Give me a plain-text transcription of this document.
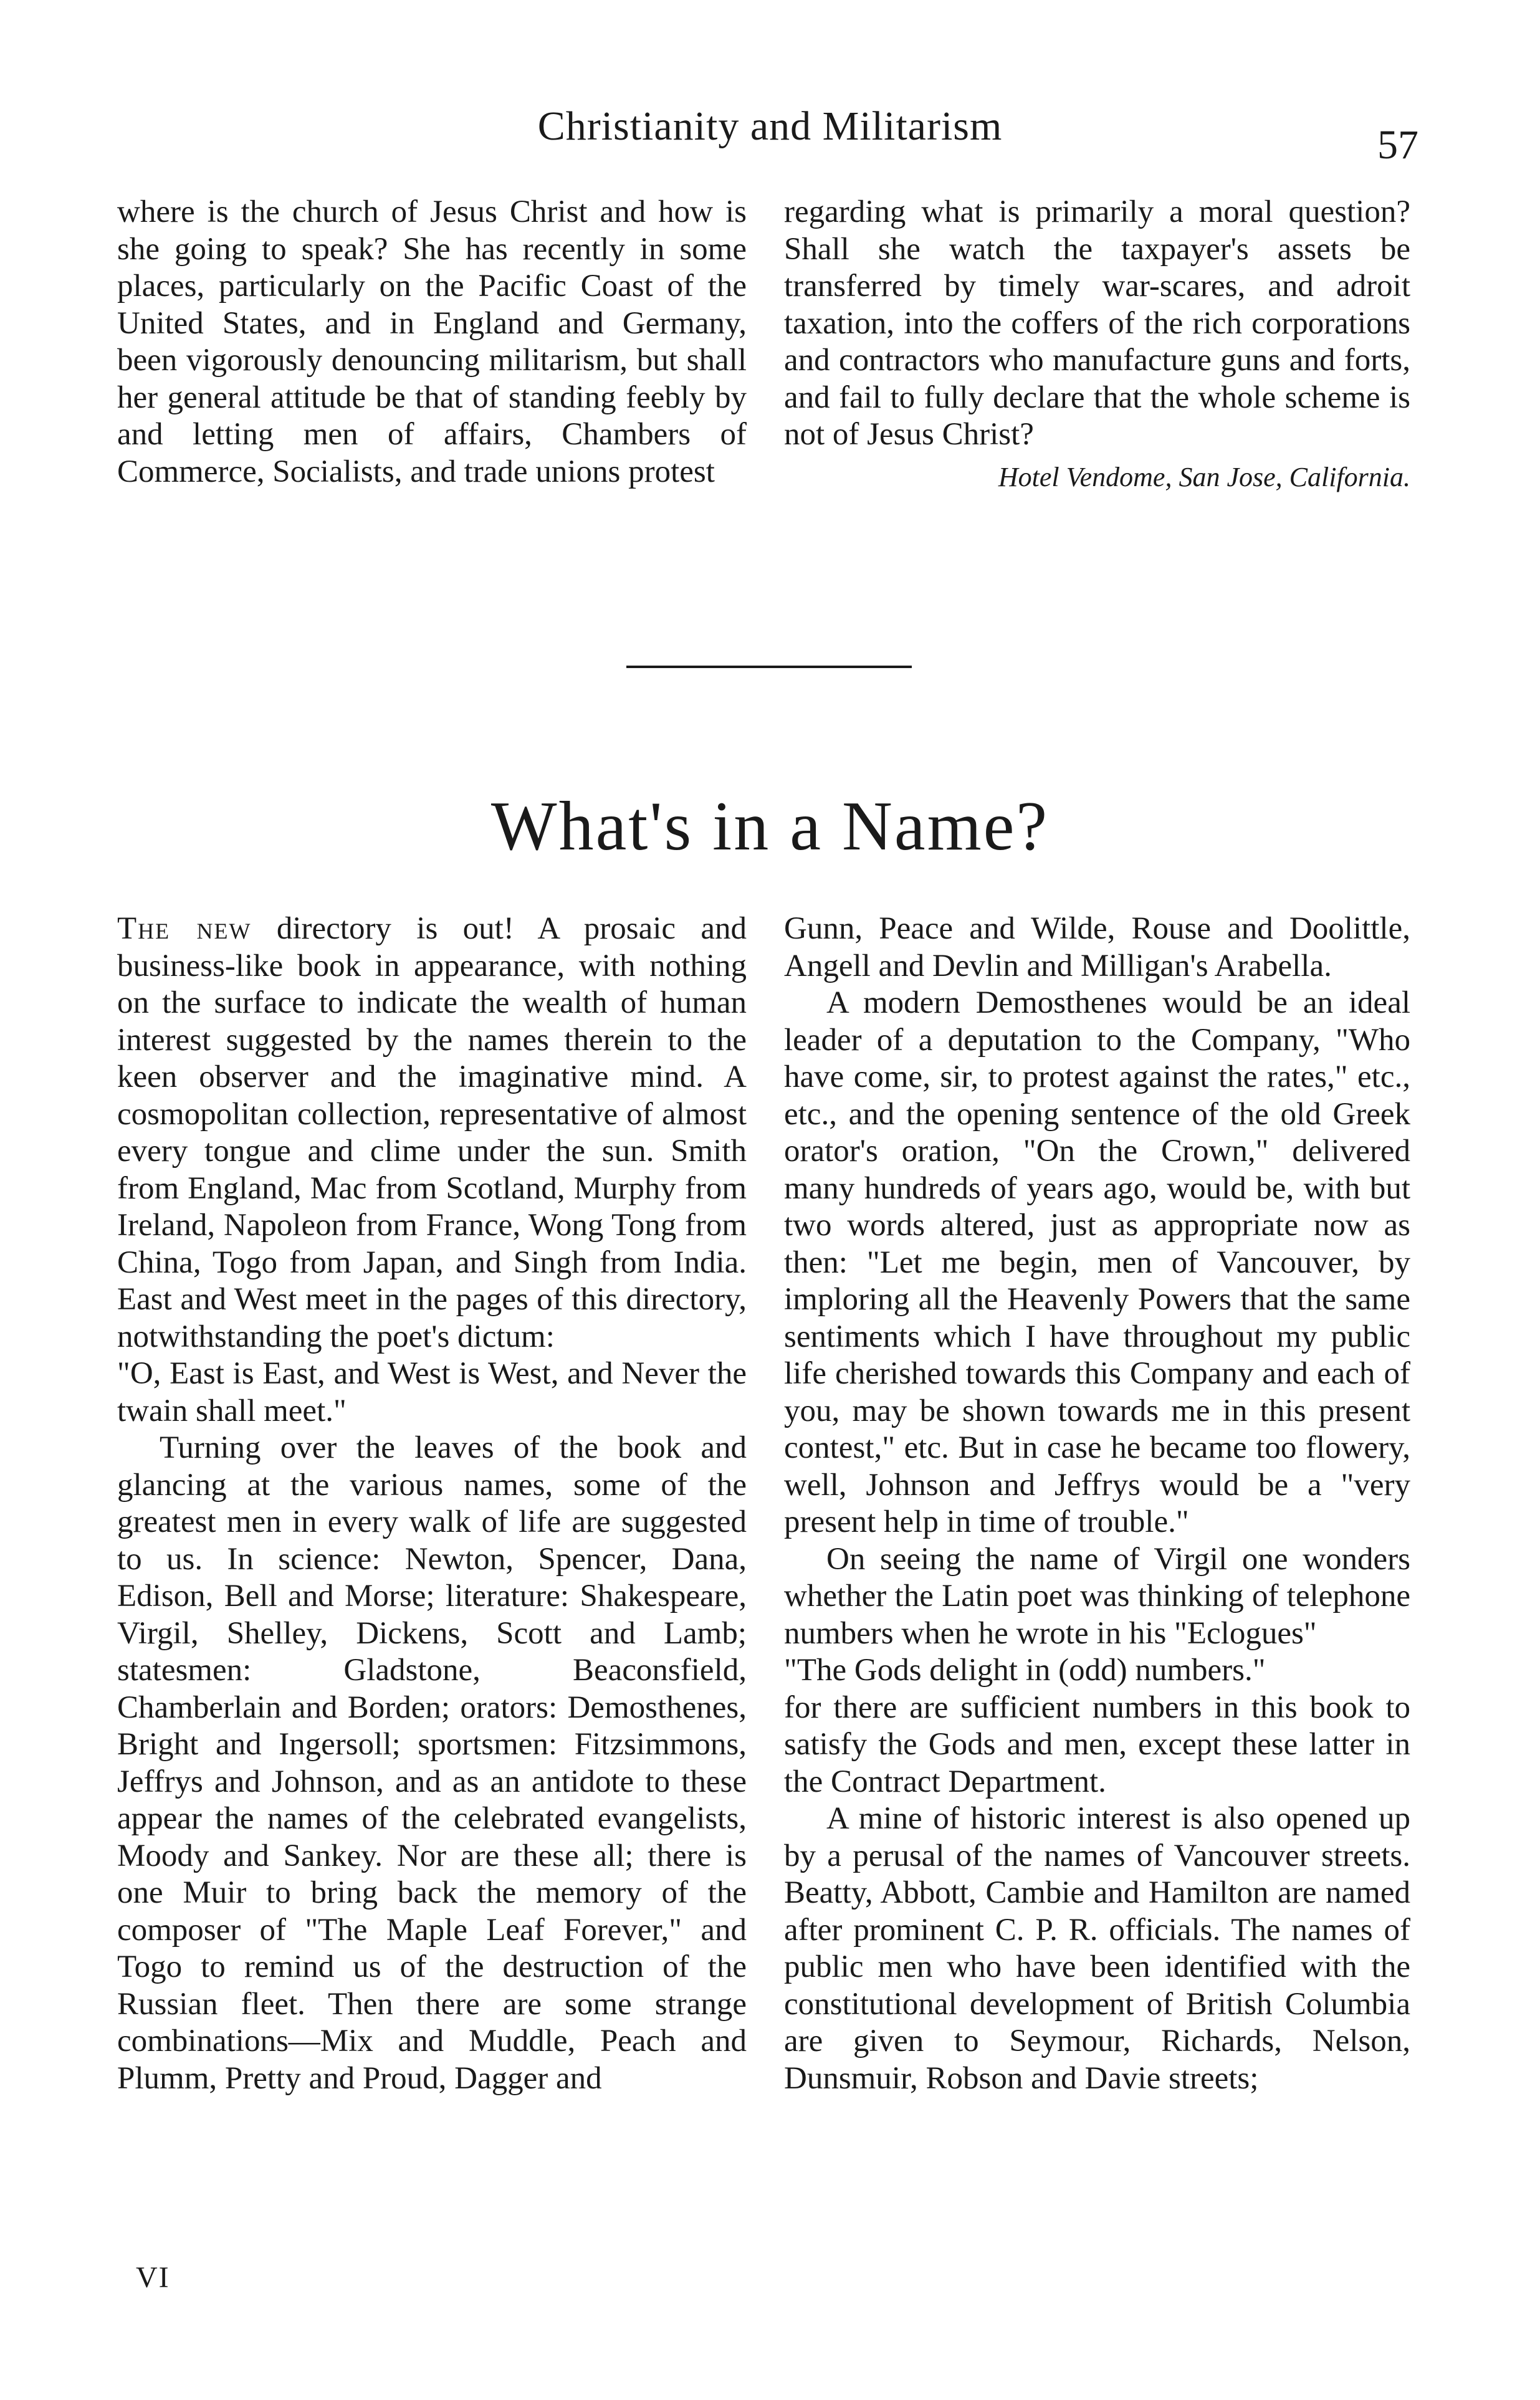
Christianity and Militarism	57

where is the church of Jesus Christ and how is she going to speak? She has recently in some places, particularly on the Pacific Coast of the United States, and in England and Germany, been vigorously denouncing militarism, but shall her general attitude be that of standing feebly by and letting men of affairs, Chambers of Commerce, Socialists, and trade unions protest

regarding what is primarily a moral question? Shall she watch the taxpayer's assets be transferred by timely war-scares, and adroit taxation, into the coffers of the rich corporations and contractors who manufacture guns and forts, and fail to fully declare that the whole scheme is not of Jesus Christ?

Hotel Vendome, San Jose, California.
What's in a Name?

The new directory is out! A prosaic and business-like book in appearance, with nothing on the surface to indicate the wealth of human interest suggested by the names therein to the keen observer and the imaginative mind. A cosmopolitan collection, representative of almost every tongue and clime under the sun. Smith from England, Mac from Scotland, Murphy from Ireland, Napoleon from France, Wong Tong from China, Togo from Japan, and Singh from India. East and West meet in the pages of this directory, notwithstanding the poet's dictum:

"O, East is East, and West is West, and Never the twain shall meet."

Turning over the leaves of the book and glancing at the various names, some of the greatest men in every walk of life are suggested to us. In science: Newton, Spencer, Dana, Edison, Bell and Morse; literature: Shakespeare, Virgil, Shelley, Dickens, Scott and Lamb; statesmen: Gladstone, Beaconsfield, Chamberlain and Borden; orators: Demosthenes, Bright and Ingersoll; sportsmen: Fitzsimmons, Jeffrys and Johnson, and as an antidote to these appear the names of the celebrated evangelists, Moody and Sankey. Nor are these all; there is one Muir to bring back the memory of the composer of "The Maple Leaf Forever," and Togo to remind us of the destruction of the Russian fleet. Then there are some strange combinations—Mix and Muddle, Peach and Plumm, Pretty and Proud, Dagger and

Gunn, Peace and Wilde, Rouse and Doolittle, Angell and Devlin and Milligan's Arabella.

A modern Demosthenes would be an ideal leader of a deputation to the Company, "Who have come, sir, to protest against the rates," etc., etc., and the opening sentence of the old Greek orator's oration, "On the Crown," delivered many hundreds of years ago, would be, with but two words altered, just as appropriate now as then: "Let me begin, men of Vancouver, by imploring all the Heavenly Powers that the same sentiments which I have throughout my public life cherished towards this Company and each of you, may be shown towards me in this present contest," etc. But in case he became too flowery, well, Johnson and Jeffrys would be a "very present help in time of trouble."

On seeing the name of Virgil one wonders whether the Latin poet was thinking of telephone numbers when he wrote in his "Eclogues"

"The Gods delight in (odd) numbers."

for there are sufficient numbers in this book to satisfy the Gods and men, except these latter in the Contract Department.

A mine of historic interest is also opened up by a perusal of the names of Vancouver streets. Beatty, Abbott, Cambie and Hamilton are named after prominent C. P. R. officials. The names of public men who have been identified with the constitutional development of British Columbia are given to Seymour, Richards, Nelson, Dunsmuir, Robson and Davie streets;

VI
